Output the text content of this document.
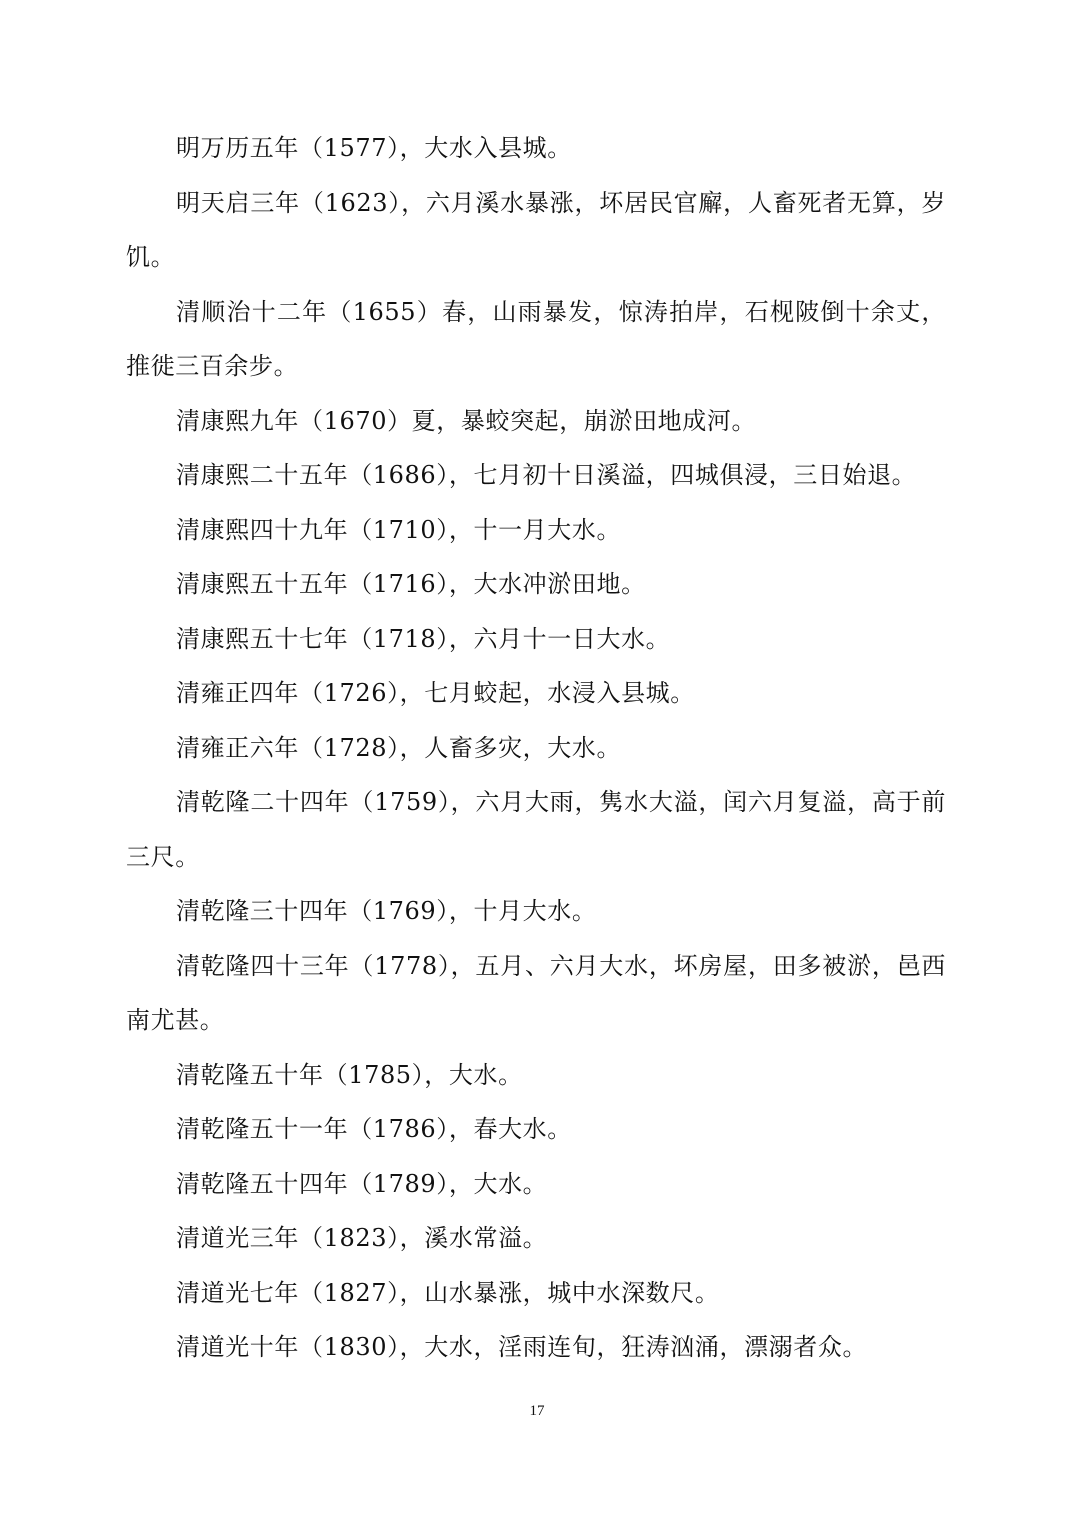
明万历五年（1577），大水入县城。

明天启三年（1623），六月溪水暴涨，坏居民官廨，人畜死者无算，岁饥。

清顺治十二年（1655）春，山雨暴发，惊涛拍岸，石枧陂倒十余丈，推徙三百余步。

清康熙九年（1670）夏，暴蛟突起，崩淤田地成河。

清康熙二十五年（1686），七月初十日溪溢，四城俱浸，三日始退。

清康熙四十九年（1710），十一月大水。

清康熙五十五年（1716），大水冲淤田地。

清康熙五十七年（1718），六月十一日大水。

清雍正四年（1726），七月蛟起，水浸入县城。

清雍正六年（1728），人畜多灾，大水。

清乾隆二十四年（1759），六月大雨，隽水大溢，闰六月复溢，高于前三尺。

清乾隆三十四年（1769），十月大水。

清乾隆四十三年（1778），五月、六月大水，坏房屋，田多被淤，邑西南尤甚。

清乾隆五十年（1785），大水。

清乾隆五十一年（1786），春大水。

清乾隆五十四年（1789），大水。

清道光三年（1823），溪水常溢。

清道光七年（1827），山水暴涨，城中水深数尺。

清道光十年（1830），大水，淫雨连旬，狂涛汹涌，漂溺者众。

17
